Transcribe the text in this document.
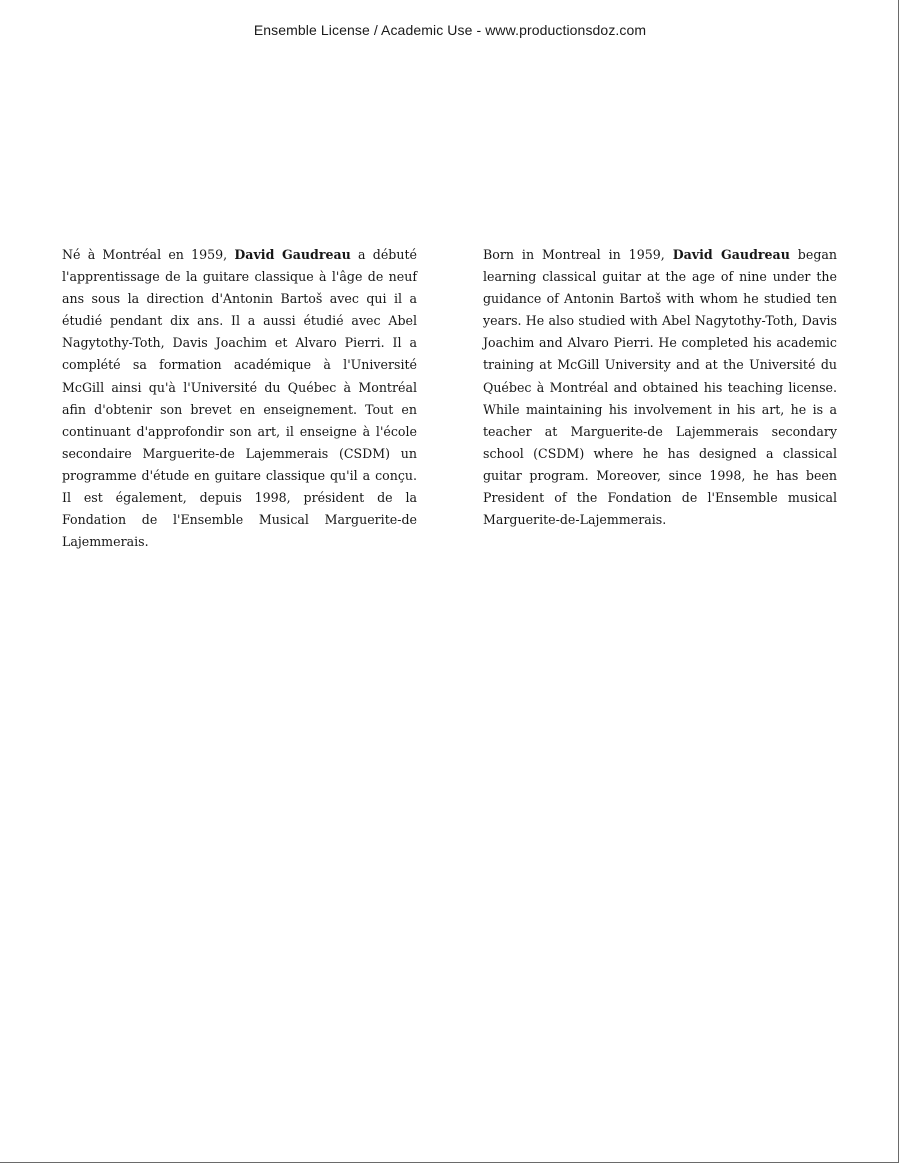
Ensemble License / Academic Use - www.productionsdoz.com

Né à Montréal en 1959, David Gaudreau a débuté l'apprentissage de la guitare classique à l'âge de neuf ans sous la direction d'Antonin Bartoš avec qui il a étudié pendant dix ans. Il a aussi étudié avec Abel Nagytothy-Toth, Davis Joachim et Alvaro Pierri. Il a complété sa formation académique à l'Université McGill ainsi qu'à l'Université du Québec à Montréal afin d'obtenir son brevet en enseignement. Tout en continuant d'approfondir son art, il enseigne à l'école secondaire Marguerite-de Lajemmerais (CSDM) un programme d'étude en guitare classique qu'il a conçu. Il est également, depuis 1998, président de la Fondation de l'Ensemble Musical Marguerite-de Lajemmerais.

Born in Montreal in 1959, David Gaudreau began learning classical guitar at the age of nine under the guidance of Antonin Bartoš with whom he studied ten years. He also studied with Abel Nagytothy-Toth, Davis Joachim and Alvaro Pierri. He completed his academic training at McGill University and at the Université du Québec à Montréal and obtained his teaching license. While maintaining his involvement in his art, he is a teacher at Marguerite-de Lajemmerais secondary school (CSDM) where he has designed a classical guitar program. Moreover, since 1998, he has been President of the Fondation de l'Ensemble musical Marguerite-de-Lajemmerais.
